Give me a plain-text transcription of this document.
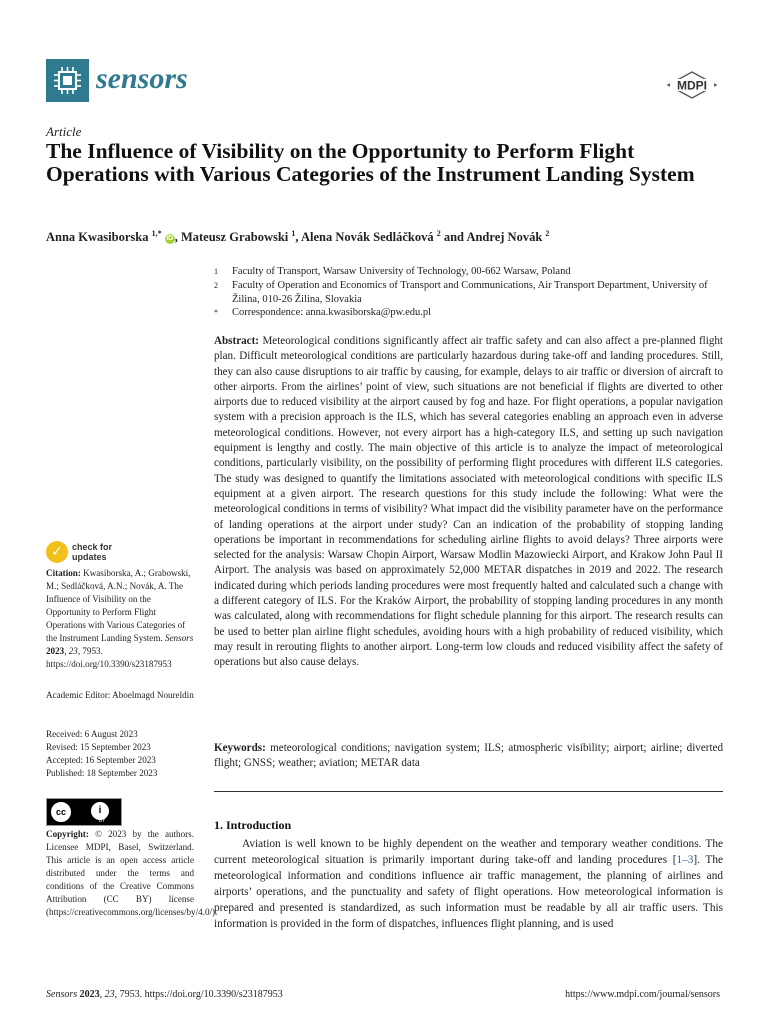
sensors	MDPI
Article
The Influence of Visibility on the Opportunity to Perform Flight Operations with Various Categories of the Instrument Landing System
Anna Kwasiborska $^{1,*}$ iD , Mateusz Grabowski $^1$, Alena Novák Sedláčková $^2$ and Andrej Novák $^2$
1	Faculty of Transport, Warsaw University of Technology, 00-662 Warsaw, Poland
2	Faculty of Operation and Economics of Transport and Communications, Air Transport Department, University of Žilina, 010-26 Žilina, Slovakia
*	Correspondence: anna.kwasiborska@pw.edu.pl
Abstract: Meteorological conditions significantly affect air traffic safety and can also affect a pre-planned flight plan. Difficult meteorological conditions are particularly hazardous during take-off and landing procedures. Still, they can also cause disruptions to air traffic by causing, for example, delays to air traffic or diversion of aircraft to other airports. From the airlines’ point of view, such situations are not beneficial if flights are diverted to other airports due to reduced visibility at the airport caused by fog and haze. For flight operations, a popular navigation system with a precision approach is the ILS, which has several categories enabling an approach even in adverse meteorological conditions. However, not every airport has a high-category ILS, and setting up such navigation equipment is lengthy and costly. The main objective of this article is to analyze the impact of meteorological conditions, particularly visibility, on the possibility of performing flight procedures with different ILS categories. The study was designed to quantify the limitations associated with meteorological conditions with specific ILS equipment at a given airport. The research questions for this study include the following: What were the meteorological conditions in terms of visibility? What impact did the visibility parameter have on the performance of landing operations at the airport under study? Can an indication of the probability of stopping landing operations be important in recommendations for scheduling airline flights to avoid delays? Three airports were selected for the analysis: Warsaw Chopin Airport, Warsaw Modlin Mazowiecki Airport, and Krakow John Paul II Airport. The analysis was based on approximately 52,000 METAR dispatches in 2019 and 2022. The research indicated during which periods landing procedures were most frequently halted and calculated such a change with a different category of ILS. For the Kraków Airport, the probability of stopping landing procedures in any month was calculated, along with recommendations for flight schedule planning for this airport. The research results can be used to better plan airline flight schedules, avoiding hours with a high probability of reduced visibility, which may result in rerouting flights to another airport. Long-term low clouds and reduced visibility affect the safety of operations but also cause delays.
Keywords: meteorological conditions; navigation system; ILS; atmospheric visibility; airport; airline; diverted flight; GNSS; weather; aviation; METAR data
1. Introduction
Aviation is well known to be highly dependent on the weather and temporary weather conditions. The current meteorological situation is primarily important during take-off and landing procedures [1–3]. The meteorological information and conditions influence air traffic management, the planning of airlines and airports’ operations, and the punctuality and safety of flight operations. How meteorological information is prepared and presented is standardized, as such information must be readable by all air traffic users. This information is provided in the form of dispatches, influences flight planning, and is used
✓	check for
updates
Citation: Kwasiborska, A.; Grabowski, M.; Sedláčková, A.N.; Novák, A. The Influence of Visibility on the Opportunity to Perform Flight Operations with Various Categories of the Instrument Landing System. Sensors 2023, 23, 7953. https://doi.org/10.3390/s23187953
Academic Editor: Aboelmagd Noureldin
Received: 6 August 2023
Revised: 15 September 2023
Accepted: 16 September 2023
Published: 18 September 2023
cc	i
BY
Copyright: © 2023 by the authors. Licensee MDPI, Basel, Switzerland. This article is an open access article distributed under the terms and conditions of the Creative Commons Attribution (CC BY) license (https://creativecommons.org/licenses/by/4.0/).
Sensors 2023, 23, 7953. https://doi.org/10.3390/s23187953	https://www.mdpi.com/journal/sensors
